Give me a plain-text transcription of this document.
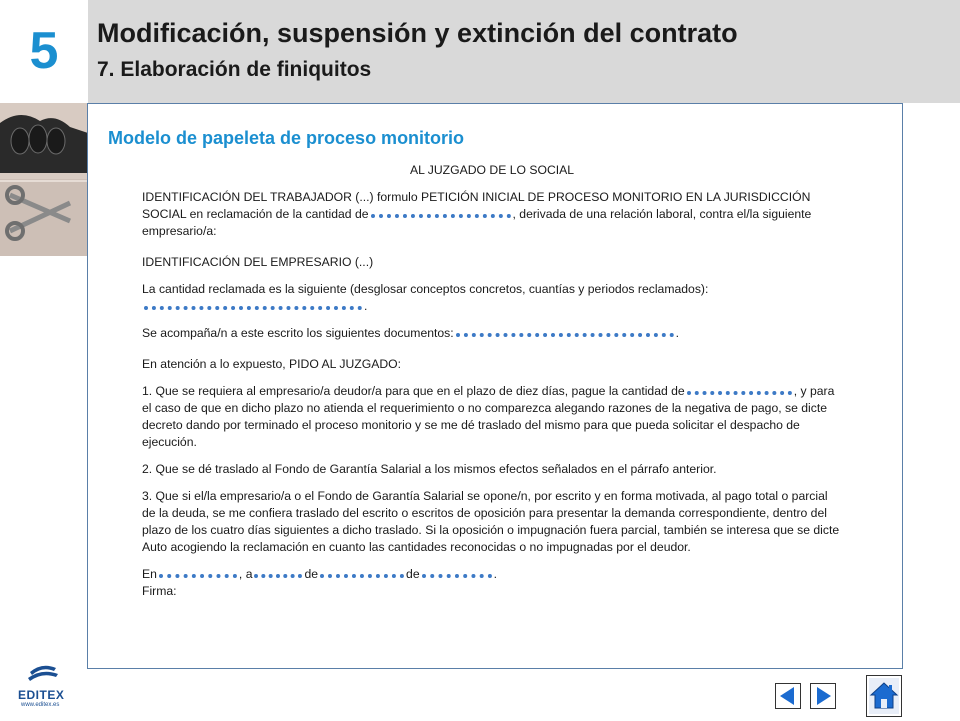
5	Modificación, suspensión y extinción del contrato
7. Elaboración de finiquitos
Modelo de papeleta de proceso monitorio

AL JUZGADO DE LO SOCIAL

IDENTIFICACIÓN DEL TRABAJADOR (...) formulo PETICIÓN INICIAL DE PROCESO MONITORIO EN LA JURISDICCIÓN SOCIAL en reclamación de la cantidad de	, derivada de una relación laboral, contra el/la siguiente empresario/a:

IDENTIFICACIÓN DEL EMPRESARIO (...)

La cantidad reclamada es la siguiente (desglosar conceptos concretos, cuantías y periodos reclamados):

.

Se acompaña/n a este escrito los siguientes documentos:	.

En atención a lo expuesto, PIDO AL JUZGADO:

1. Que se requiera al empresario/a deudor/a para que en el plazo de diez días, pague la cantidad de	, y para el caso de que en dicho plazo no atienda el requerimiento o no comparezca alegando razones de la negativa de pago, se dicte decreto dando por terminado el proceso monitorio y se me dé traslado del mismo para que pueda solicitar el despacho de ejecución.

2. Que se dé traslado al Fondo de Garantía Salarial a los mismos efectos señalados en el párrafo anterior.

3. Que si el/la empresario/a o el Fondo de Garantía Salarial se opone/n, por escrito y en forma motivada, al pago total o parcial de la deuda, se me confiera traslado del escrito o escritos de oposición para presentar la demanda correspondiente, dentro del plazo de los cuatro días siguientes a dicho traslado. Si la oposición o impugnación fuera parcial, también se interesa que se dicte Auto acogiendo la reclamación en cuanto las cantidades reconocidas o no impugnadas por el deudor.

En	, a	de	de	.

Firma:

EDITEX
www.editex.es
